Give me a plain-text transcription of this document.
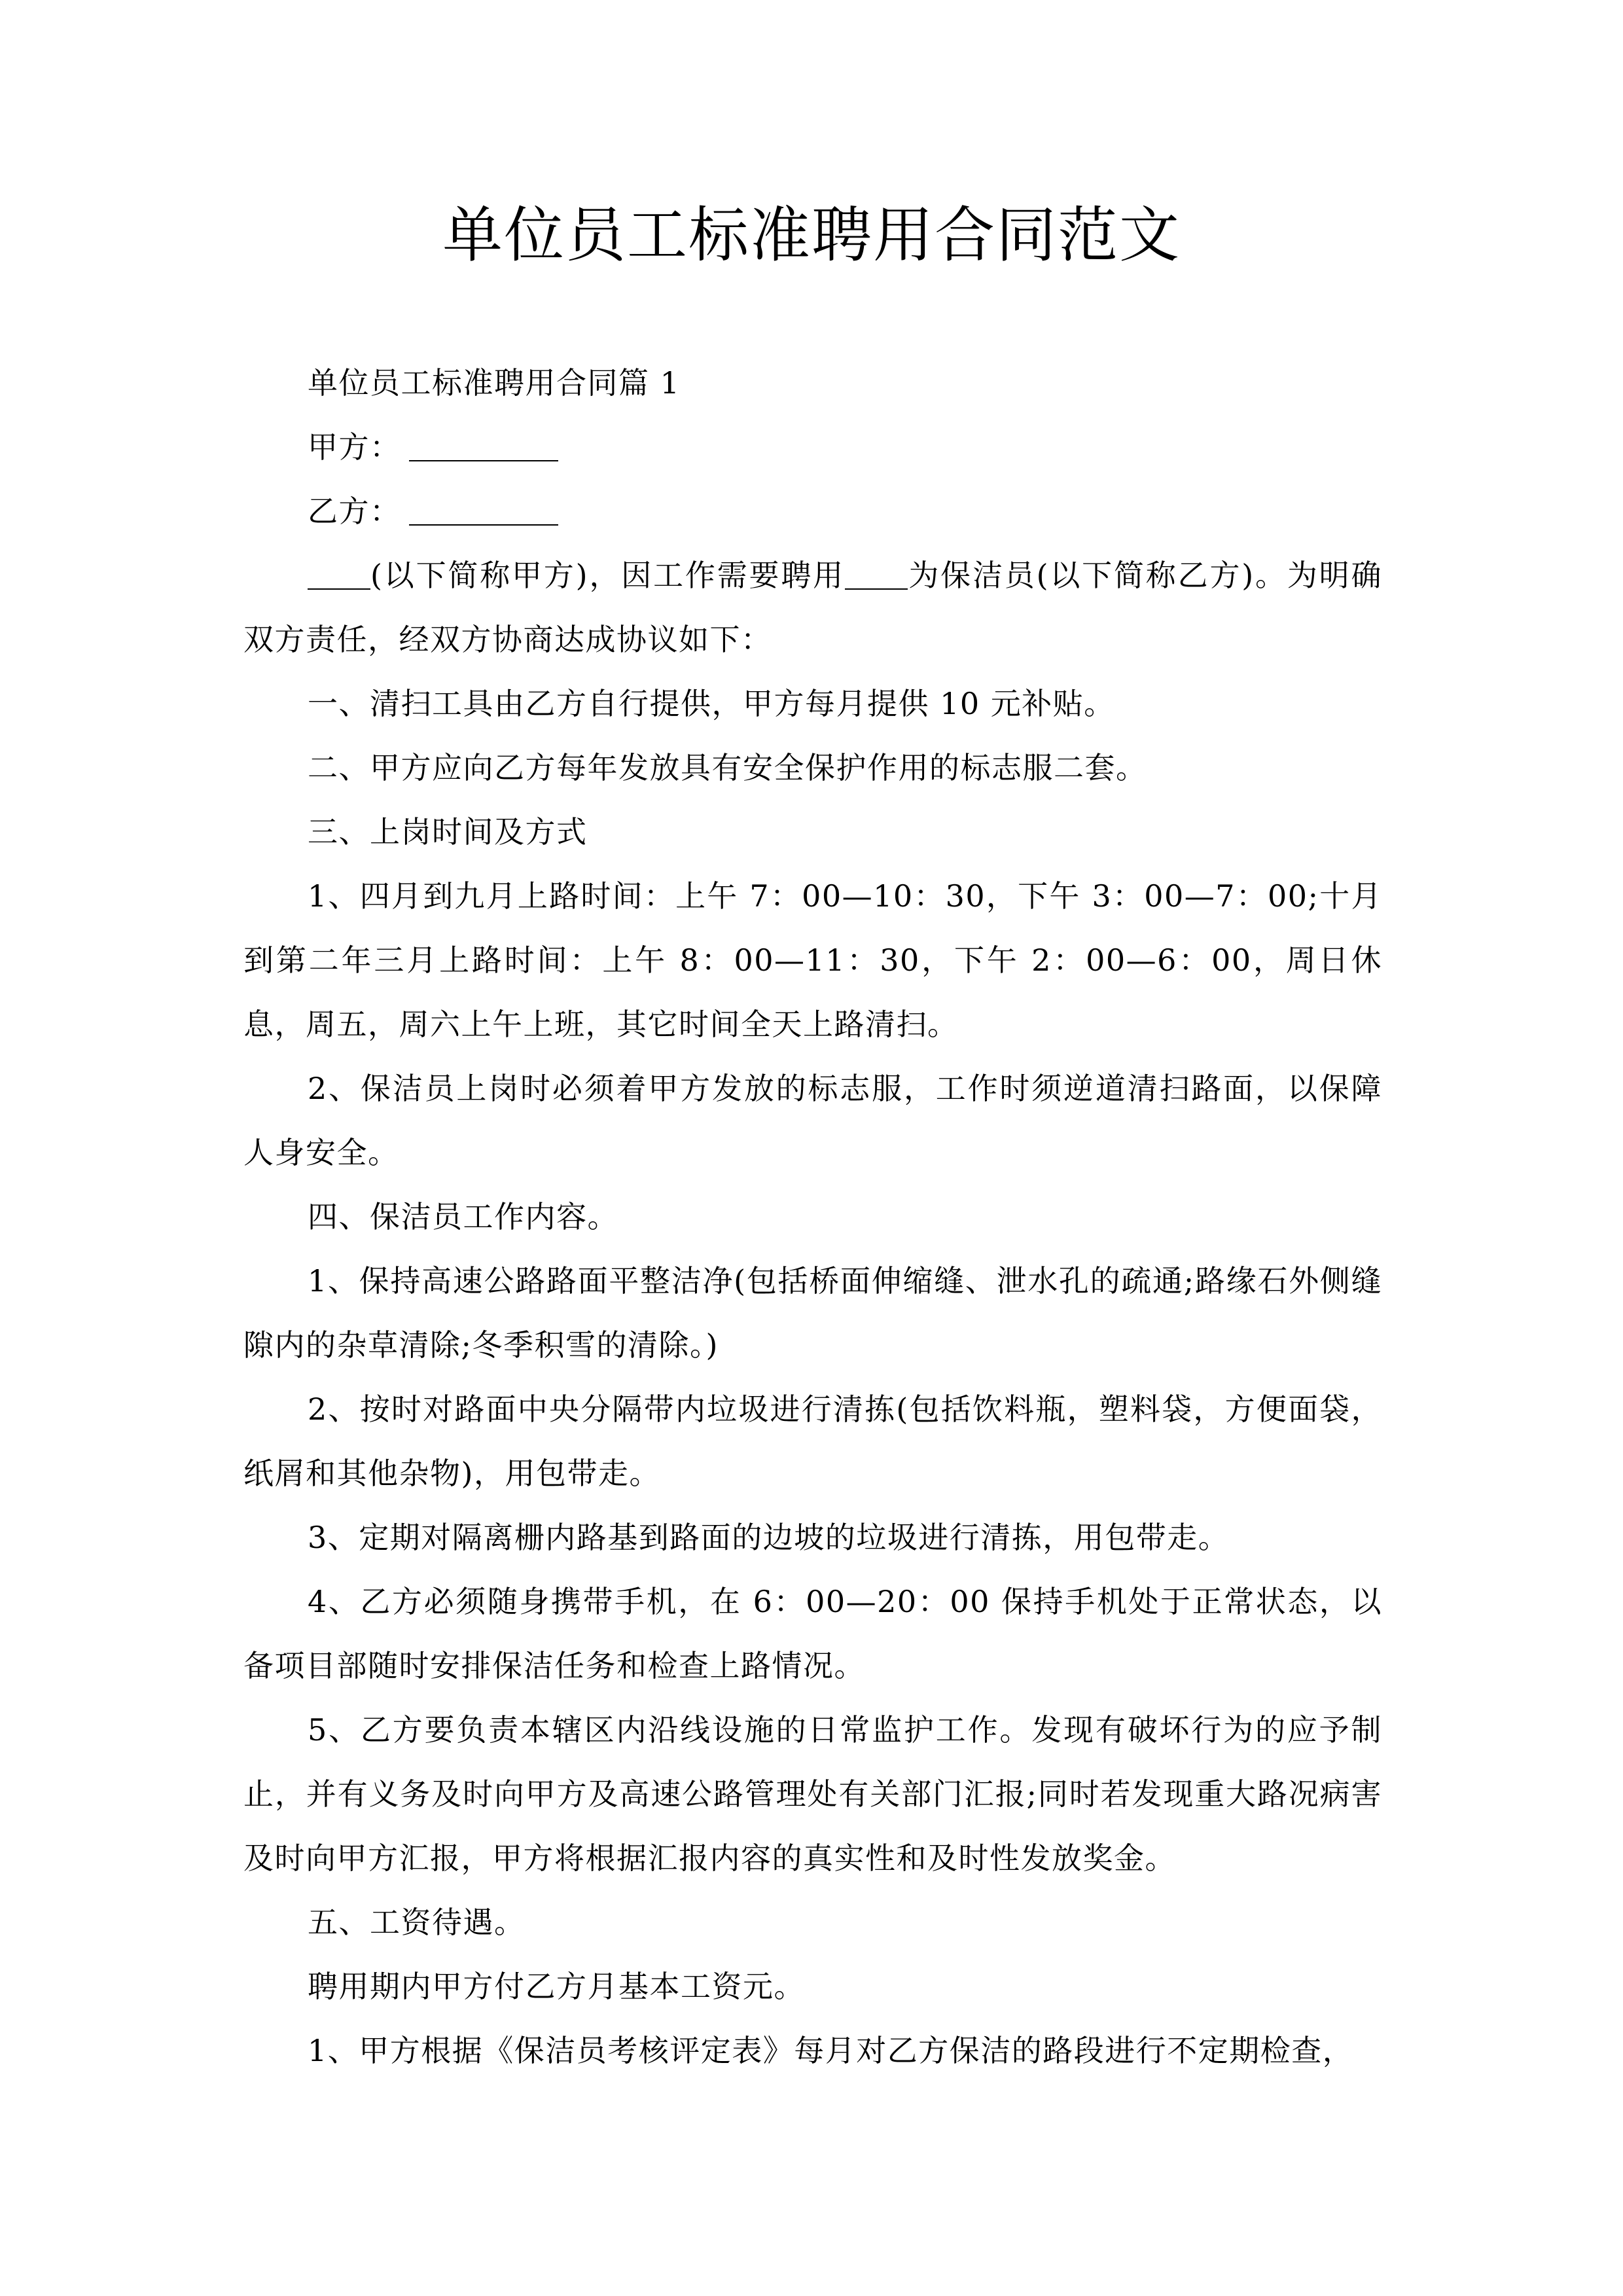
单位员工标准聘用合同范文

单位员工标准聘用合同篇 1

甲方：

乙方：

(以下简称甲方)，因工作需要聘用 为保洁员(以下简称乙方)。为明确双方责任，经双方协商达成协议如下：

一、清扫工具由乙方自行提供，甲方每月提供 10 元补贴。

二、甲方应向乙方每年发放具有安全保护作用的标志服二套。

三、上岗时间及方式

1、四月到九月上路时间：上午 7：00—10：30，下午 3：00—7：00;十月到第二年三月上路时间：上午 8：00—11：30，下午 2：00—6：00，周日休息，周五，周六上午上班，其它时间全天上路清扫。

2、保洁员上岗时必须着甲方发放的标志服，工作时须逆道清扫路面，以保障人身安全。

四、保洁员工作内容。

1、保持高速公路路面平整洁净(包括桥面伸缩缝、泄水孔的疏通;路缘石外侧缝隙内的杂草清除;冬季积雪的清除。)

2、按时对路面中央分隔带内垃圾进行清拣(包括饮料瓶，塑料袋，方便面袋，纸屑和其他杂物)，用包带走。

3、定期对隔离栅内路基到路面的边坡的垃圾进行清拣，用包带走。

4、乙方必须随身携带手机，在 6：00—20：00 保持手机处于正常状态，以备项目部随时安排保洁任务和检查上路情况。

5、乙方要负责本辖区内沿线设施的日常监护工作。发现有破坏行为的应予制止，并有义务及时向甲方及高速公路管理处有关部门汇报;同时若发现重大路况病害及时向甲方汇报，甲方将根据汇报内容的真实性和及时性发放奖金。

五、工资待遇。

聘用期内甲方付乙方月基本工资元。

1、甲方根据《保洁员考核评定表》每月对乙方保洁的路段进行不定期检查，
